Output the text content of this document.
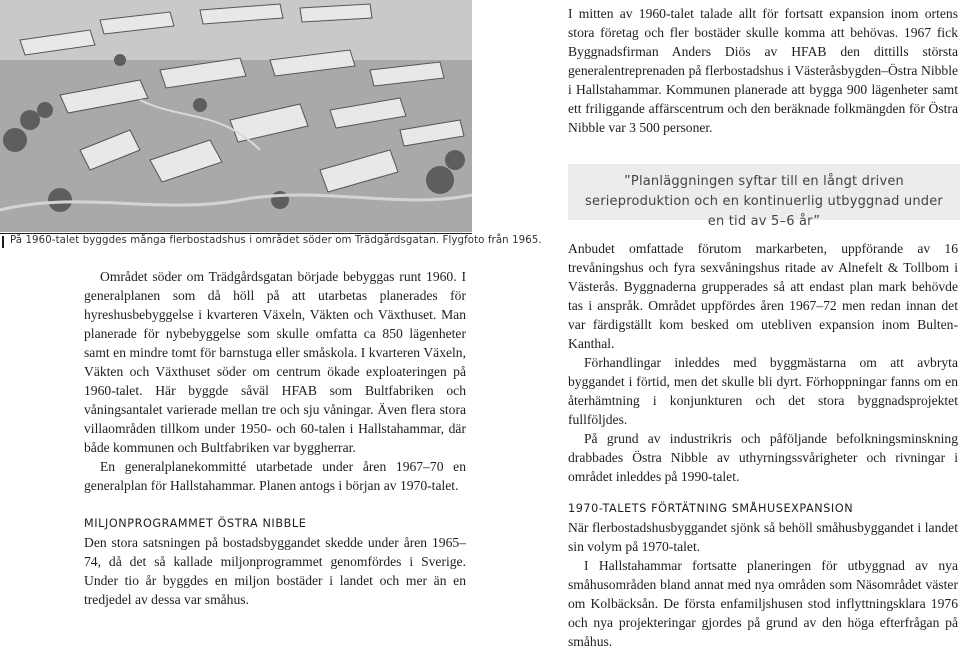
På 1960-talet byggdes många flerbostadshus i området söder om Trädgårdsgatan. Flygfoto från 1965.

I mitten av 1960-talet talade allt för fortsatt expansion inom ortens stora företag och fler bostäder skulle komma att behövas. 1967 fick Byggnadsfirman Anders Diös av HFAB den dittills största generalentreprenaden på flerbostadshus i Västeråsbygden–Östra Nibble i Hallstahammar. Kommunen planerade att bygga 900 lägenheter samt ett friliggande affärscentrum och den beräknade folkmängden för Östra Nibble var 3 500 personer.

”Planläggningen syftar till en långt driven serieproduktion och en kontinuerlig utbyggnad under en tid av 5–6 år”

Området söder om Trädgårdsgatan började bebyggas runt 1960. I generalplanen som då höll på att utarbetas planerades för hyreshusbebyggelse i kvarteren Växeln, Väkten och Växthuset. Man planerade för nybebyggelse som skulle omfatta ca 850 lägenheter samt en mindre tomt för barnstuga eller småskola. I kvarteren Växeln, Väkten och Växthuset söder om centrum ökade exploateringen på 1960-talet. Här byggde såväl HFAB som Bultfabriken och våningsantalet varierade mellan tre och sju våningar. Även flera stora villaområden tillkom under 1950- och 60-talen i Hallstahammar, där både kommunen och Bultfabriken var byggherrar.

En generalplanekommitté utarbetade under åren 1967–70 en generalplan för Hallstahammar. Planen antogs i början av 1970-talet.

MILJONPROGRAMMET ÖSTRA NIBBLE

Den stora satsningen på bostadsbyggandet skedde under åren 1965–74, då det så kallade miljonprogrammet genomfördes i Sverige. Under tio år byggdes en miljon bostäder i landet och mer än en tredjedel av dessa var småhus.

Anbudet omfattade förutom markarbeten, uppförande av 16 trevåningshus och fyra sexvåningshus ritade av Alnefelt & Tollbom i Västerås. Byggnaderna grupperades så att endast plan mark behövde tas i anspråk. Området uppfördes åren 1967–72 men redan innan det var färdigställt kom besked om utebliven expansion inom Bulten-Kanthal.

Förhandlingar inleddes med byggmästarna om att avbryta byggandet i förtid, men det skulle bli dyrt. Förhoppningar fanns om en återhämtning i konjunkturen och det stora byggnadsprojektet fullföljdes.

På grund av industrikris och påföljande befolkningsminskning drabbades Östra Nibble av uthyrningssvårigheter och rivningar i området inleddes på 1990-talet.

1970-TALETS FÖRTÄTNING SMÅHUSEXPANSION

När flerbostadshusbyggandet sjönk så behöll småhusbyggandet i landet sin volym på 1970-talet.

I Hallstahammar fortsatte planeringen för utbyggnad av nya småhusområden bland annat med nya områden som Näsområdet väster om Kolbäcksån. De första enfamiljshusen stod inflyttningsklara 1976 och nya projekteringar gjordes på grund av den höga efterfrågan på småhus.
